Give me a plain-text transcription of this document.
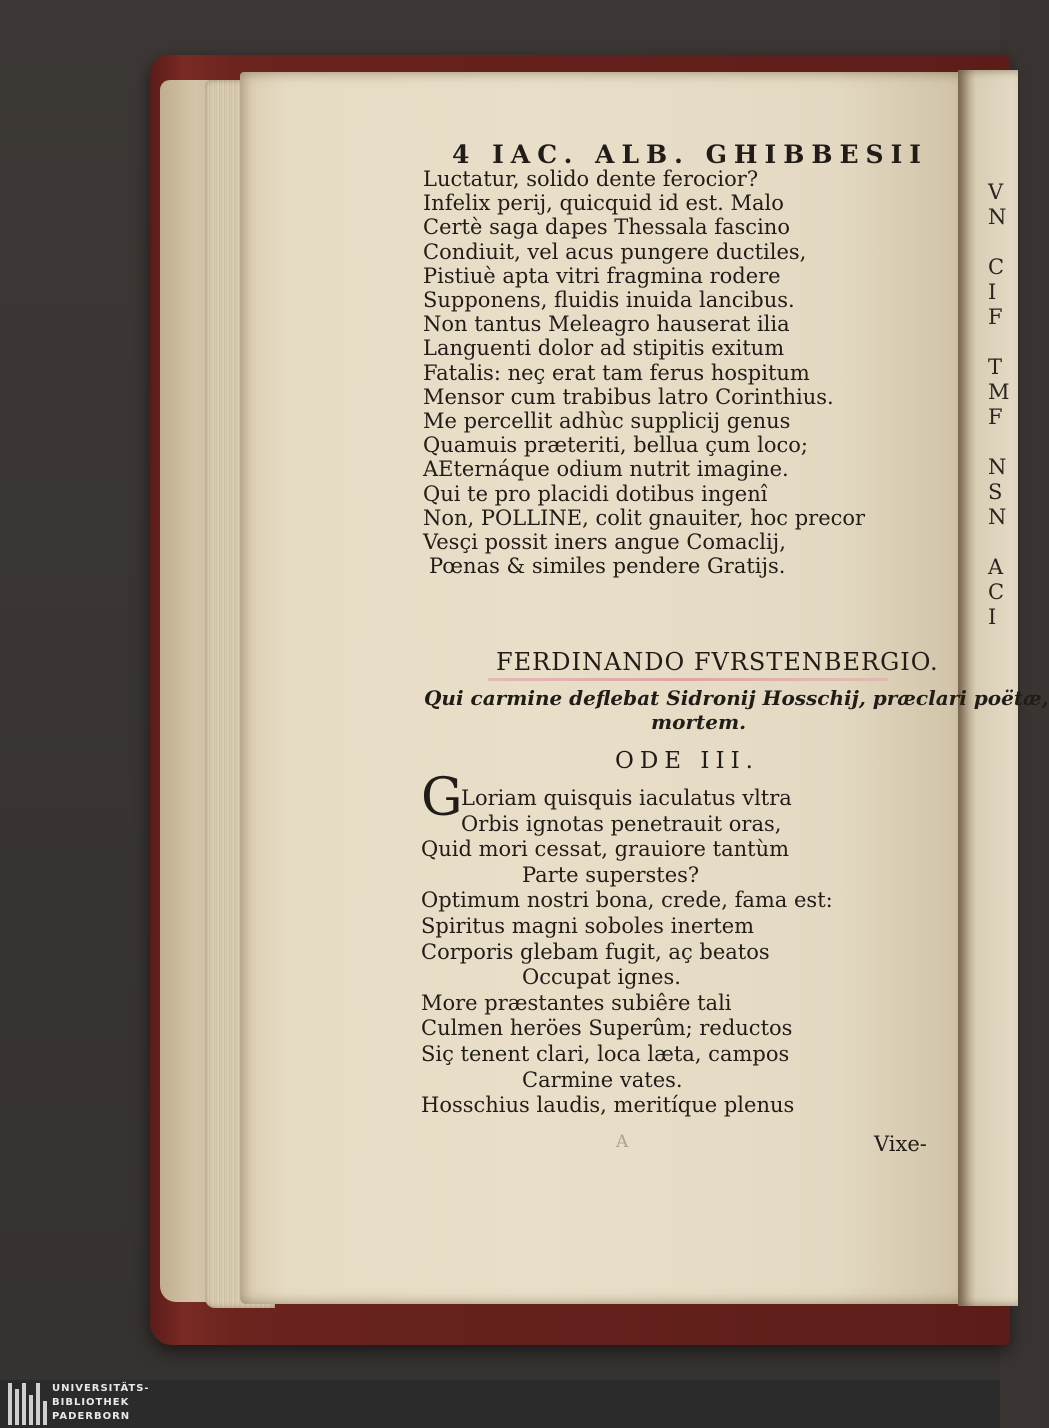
V
N
C
I
F
T
M
F
N
S
N
A
C
I
4 IAC. ALB. GHIBBESII
Luctatur, solido dente ferocior?
Infelix perij, quicquid id est. Malo
Certè saga dapes Thessala fascino
Condiuit, vel acus pungere ductiles,
Pistiuè apta vitri fragmina rodere
Supponens, fluidis inuida lancibus.
Non tantus Meleagro hauserat ilia
Languenti dolor ad stipitis exitum
Fatalis: neç erat tam ferus hospitum
Mensor cum trabibus latro Corinthius.
Me percellit adhùc supplicij genus
Quamuis præteriti, bellua çum loco;
AEternáque odium nutrit imagine.
Qui te pro placidi dotibus ingenî
Non, POLLINE, colit gnauiter, hoc precor
Vesçi possit iners angue Comaclij,
Pœnas & similes pendere Gratijs.
FERDINANDO FVRSTENBERGIO.
Qui carmine deflebat Sidronij Hosschij, præclari poëtæ,
mortem.
ODE III.
G
Loriam quisquis iaculatus vltra
Orbis ignotas penetrauit oras,
Quid mori cessat, grauiore tantùm
Parte superstes?
Optimum nostri bona, crede, fama est:
Spiritus magni soboles inertem
Corporis glebam fugit, aç beatos
Occupat ignes.
More præstantes subiêre tali
Culmen heröes Superûm; reductos
Siç tenent clari, loca læta, campos
Carmine vates.
Hosschius laudis, meritíque plenus
A	Vixe-
UNIVERSITÄTS-
BIBLIOTHEK
PADERBORN
